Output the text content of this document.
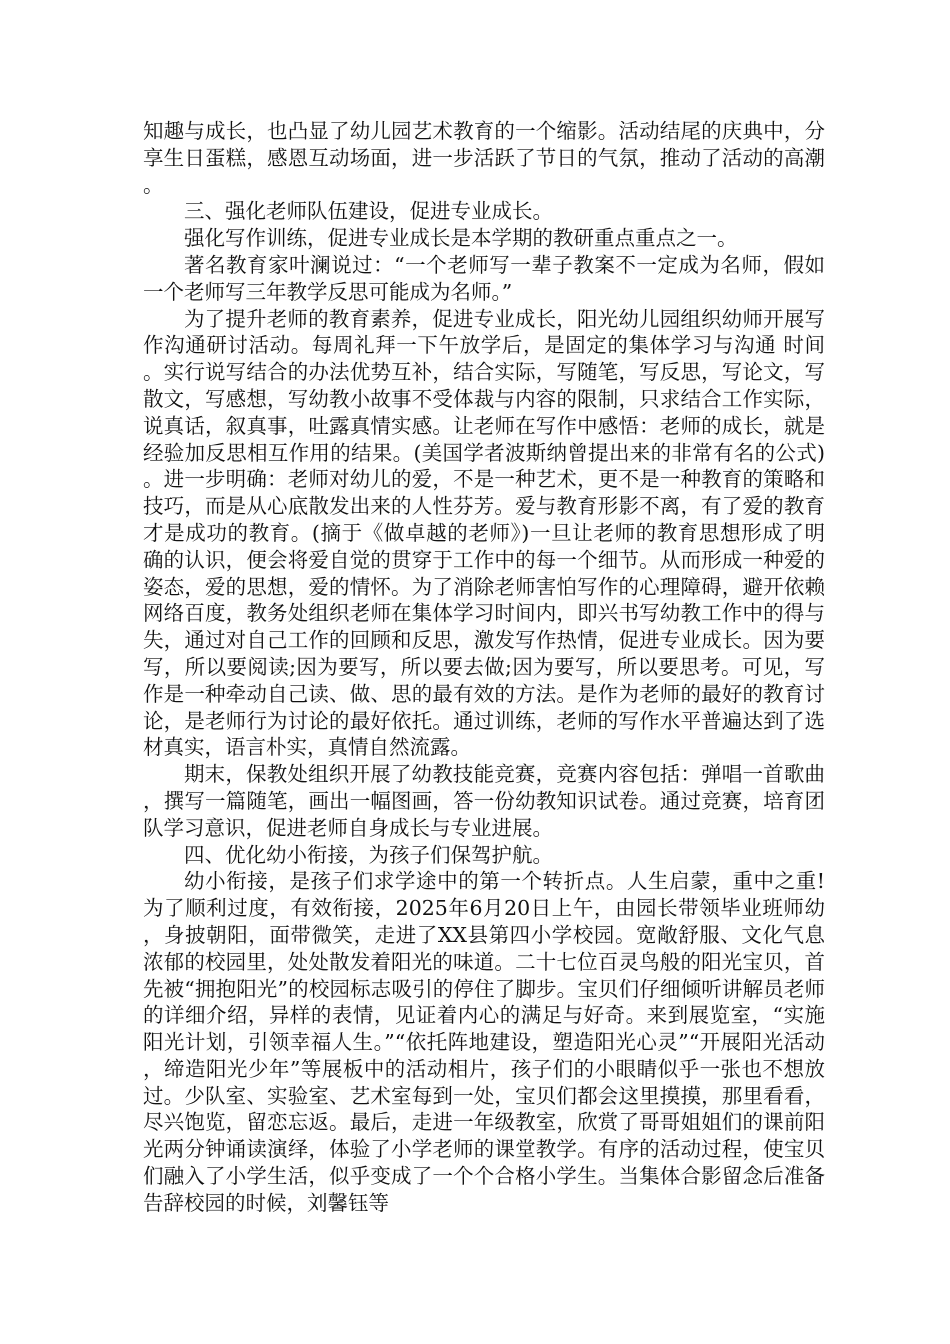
知趣与成长，也凸显了幼儿园艺术教育的一个缩影。活动结尾的庆典中，分享生日蛋糕，感恩互动场面，进一步活跃了节日的气氛，推动了活动的高潮。

三、强化老师队伍建设，促进专业成长。

强化写作训练，促进专业成长是本学期的教研重点重点之一。

著名教育家叶澜说过：“一个老师写一辈子教案不一定成为名师，假如一个老师写三年教学反思可能成为名师。”

为了提升老师的教育素养，促进专业成长，阳光幼儿园组织幼师开展写作沟通研讨活动。每周礼拜一下午放学后，是固定的集体学习与沟通 时间。实行说写结合的办法优势互补，结合实际，写随笔，写反思，写论文，写散文，写感想，写幼教小故事不受体裁与内容的限制，只求结合工作实际，说真话，叙真事，吐露真情实感。让老师在写作中感悟：老师的成长，就是经验加反思相互作用的结果。(美国学者波斯纳曾提出来的非常有名的公式)。进一步明确：老师对幼儿的爱，不是一种艺术，更不是一种教育的策略和技巧，而是从心底散发出来的人性芬芳。爱与教育形影不离，有了爱的教育才是成功的教育。(摘于《做卓越的老师》)一旦让老师的教育思想形成了明确的认识，便会将爱自觉的贯穿于工作中的每一个细节。从而形成一种爱的姿态，爱的思想，爱的情怀。为了消除老师害怕写作的心理障碍，避开依赖网络百度，教务处组织老师在集体学习时间内，即兴书写幼教工作中的得与失，通过对自己工作的回顾和反思，激发写作热情，促进专业成长。因为要写，所以要阅读;因为要写，所以要去做;因为要写，所以要思考。可见，写作是一种牵动自己读、做、思的最有效的方法。是作为老师的最好的教育讨论，是老师行为讨论的最好依托。通过训练，老师的写作水平普遍达到了选材真实，语言朴实，真情自然流露。

期末，保教处组织开展了幼教技能竞赛，竞赛内容包括：弹唱一首歌曲，撰写一篇随笔，画出一幅图画，答一份幼教知识试卷。通过竞赛，培育团队学习意识，促进老师自身成长与专业进展。

四、优化幼小衔接，为孩子们保驾护航。

幼小衔接，是孩子们求学途中的第一个转折点。人生启蒙，重中之重!为了顺利过度，有效衔接，2025年6月20日上午，由园长带领毕业班师幼，身披朝阳，面带微笑，走进了XX县第四小学校园。宽敞舒服、文化气息浓郁的校园里，处处散发着阳光的味道。二十七位百灵鸟般的阳光宝贝，首先被“拥抱阳光”的校园标志吸引的停住了脚步。宝贝们仔细倾听讲解员老师的详细介绍，异样的表情，见证着内心的满足与好奇。来到展览室，“实施阳光计划，引领幸福人生。”“依托阵地建设，塑造阳光心灵”“开展阳光活动，缔造阳光少年”等展板中的活动相片，孩子们的小眼睛似乎一张也不想放过。少队室、实验室、艺术室每到一处，宝贝们都会这里摸摸，那里看看，尽兴饱览，留恋忘返。最后，走进一年级教室，欣赏了哥哥姐姐们的课前阳光两分钟诵读演绎，体验了小学老师的课堂教学。有序的活动过程，使宝贝们融入了小学生活，似乎变成了一个个合格小学生。当集体合影留念后准备告辞校园的时候，刘馨钰等
